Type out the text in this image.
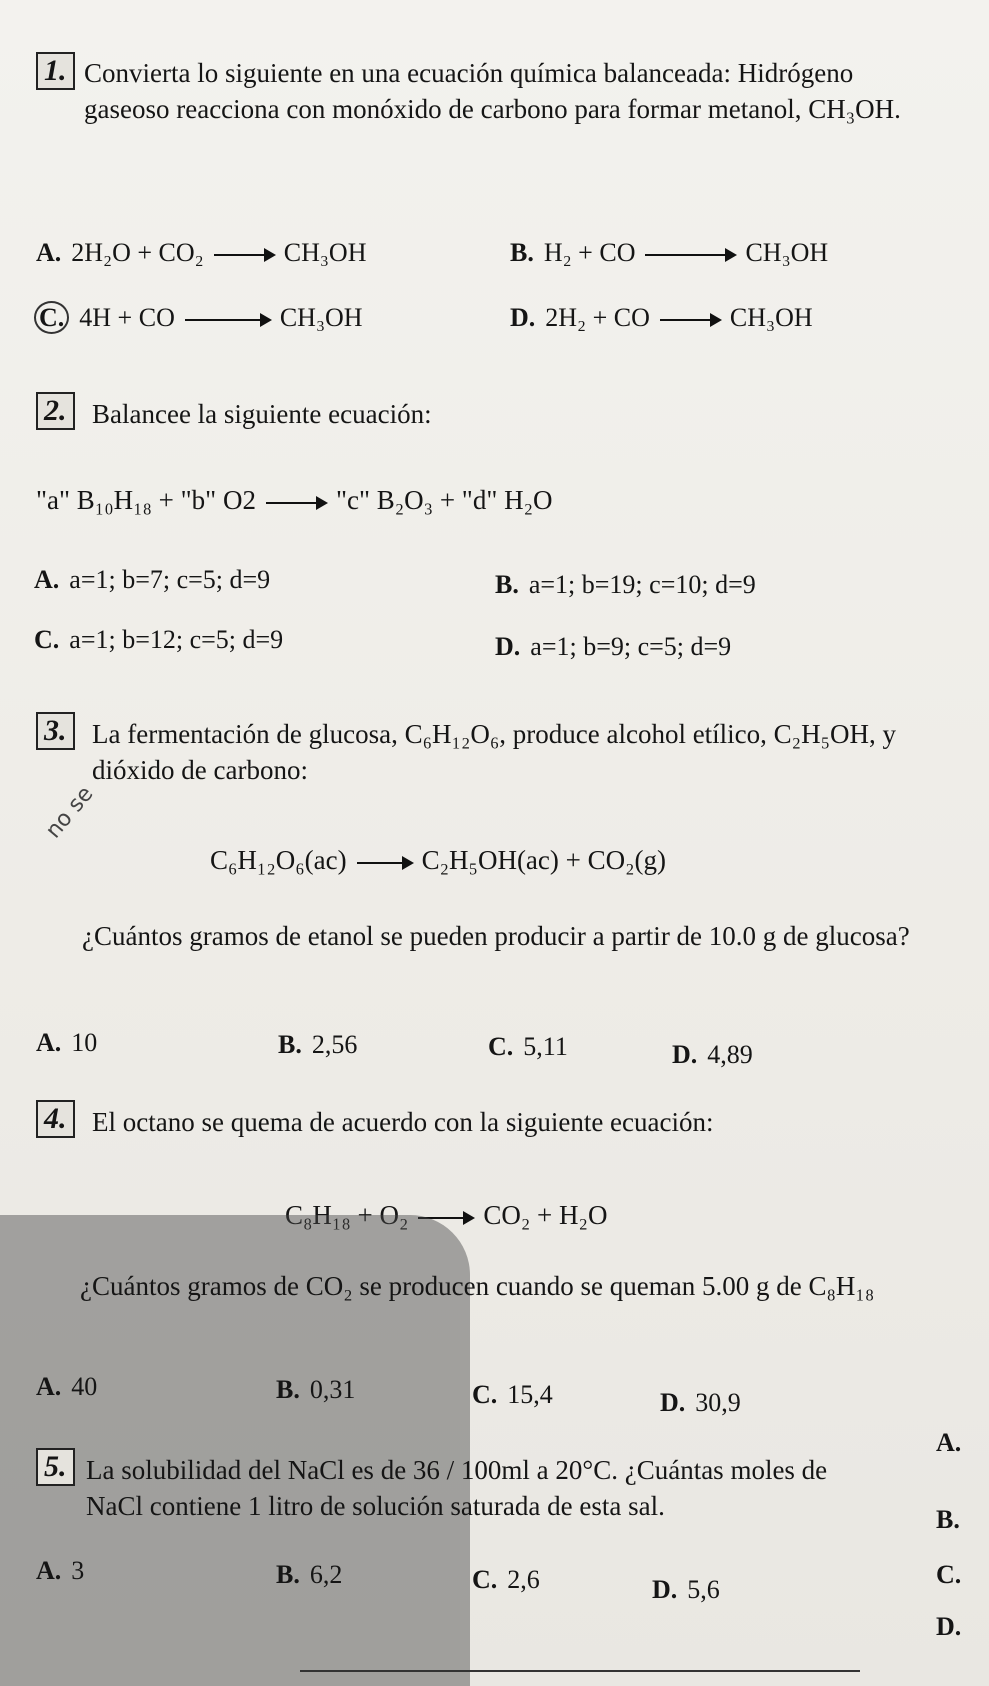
1. Convierta lo siguiente en una ecuación química balanceada: Hidrógeno gaseoso reacciona con monóxido de carbono para formar metanol, CH₃OH.
A. 2H₂O + CO₂	CH₃OH	B. H₂ + CO	CH₃OH
C. 4H + CO	CH₃OH	D. 2H₂ + CO	CH₃OH
2. Balancee la siguiente ecuación:
"a" B₁₀H₁₈ + "b" O2	"c" B₂O₃ + "d" H₂O
A. a=1; b=7; c=5; d=9	B. a=1; b=19; c=10; d=9
C. a=1; b=12; c=5; d=9	D. a=1; b=9; c=5; d=9
3. La fermentación de glucosa, C₆H₁₂O₆, produce alcohol etílico, C₂H₅OH, y dióxido de carbono:
no se
C₆H₁₂O₆(ac)	C₂H₅OH(ac) + CO₂(g)
¿Cuántos gramos de etanol se pueden producir a partir de 10.0 g de glucosa?
A. 10	B. 2,56	C. 5,11	D. 4,89
4. El octano se quema de acuerdo con la siguiente ecuación:
C₈H₁₈ + O₂	CO₂ + H₂O
¿Cuántos gramos de CO₂ se producen cuando se queman 5.00 g de C₈H₁₈
A. 40	B. 0,31	C. 15,4	D. 30,9
5. La solubilidad del NaCl es de 36 / 100ml a 20°C. ¿Cuántas moles de NaCl contiene 1 litro de solución saturada de esta sal.
A. 3	B. 6,2	C. 2,6	D. 5,6
A.
B.
C.
D.
